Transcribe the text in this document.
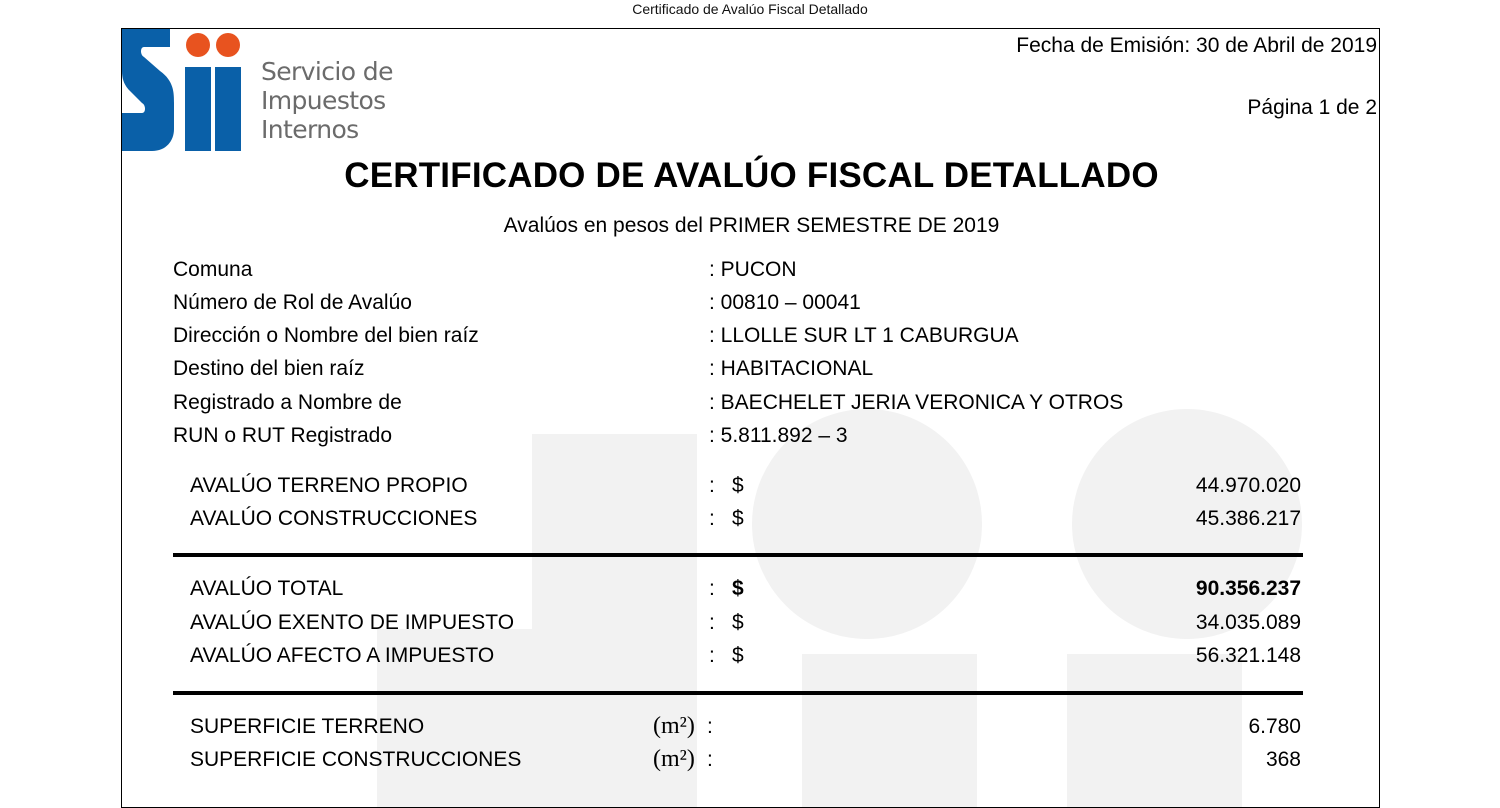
Certificado de Avalúo Fiscal Detallado
Servicio de
Impuestos
Internos
Fecha de Emisión: 30 de Abril de 2019
Página 1 de 2
CERTIFICADO DE AVALÚO FISCAL DETALLADO
Avalúos en pesos del PRIMER SEMESTRE DE 2019
Comuna	: PUCON
Número de Rol de Avalúo	: 00810 – 00041
Dirección o Nombre del bien raíz	: LLOLLE SUR LT 1 CABURGUA
Destino del bien raíz	: HABITACIONAL
Registrado a Nombre de	: BAECHELET JERIA VERONICA Y OTROS
RUN o RUT Registrado	: 5.811.892 – 3
AVALÚO TERRENO PROPIO	: $	44.970.020
AVALÚO CONSTRUCCIONES	: $	45.386.217
AVALÚO TOTAL	: $	90.356.237
AVALÚO EXENTO DE IMPUESTO	: $	34.035.089
AVALÚO AFECTO A IMPUESTO	: $	56.321.148
SUPERFICIE TERRENO	(m²) :	6.780
SUPERFICIE CONSTRUCCIONES	(m²) :	368
